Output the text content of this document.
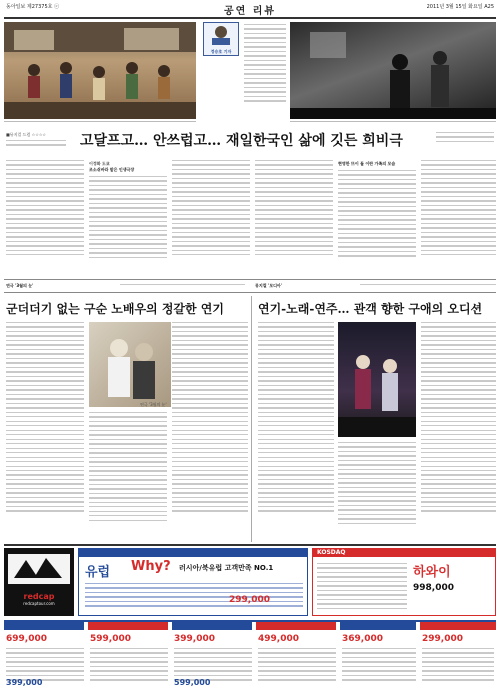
동아일보 제27375호 ⓒ	공연 리뷰	2011년 3월 15일 화요일 A25
정승호 기자
■뮤지컬 드럼 ☆☆☆☆	고달프고… 안쓰럽고… 재일한국인 삶에 깃든 희비극
이정화 도쿄
조소쉬바라 맡은 인생극장
현영한 뜨이 돌 이란 가족의 모습
연극 '3월의 눈'	뮤지컬 '모디아'
군더더기 없는 구순 노배우의 정갈한 연기
연극 '3월의 눈'
연기-노래-연주… 관객 향한 구애의 오디션
redcap
redcaptour.com
유럽 Why? 러시아/북유럽 고객만족 NO.1
299,000
KOSDAQ
하와이
998,000
699,000	599,000	399,000	499,000	369,000	299,000
399,000	599,000
